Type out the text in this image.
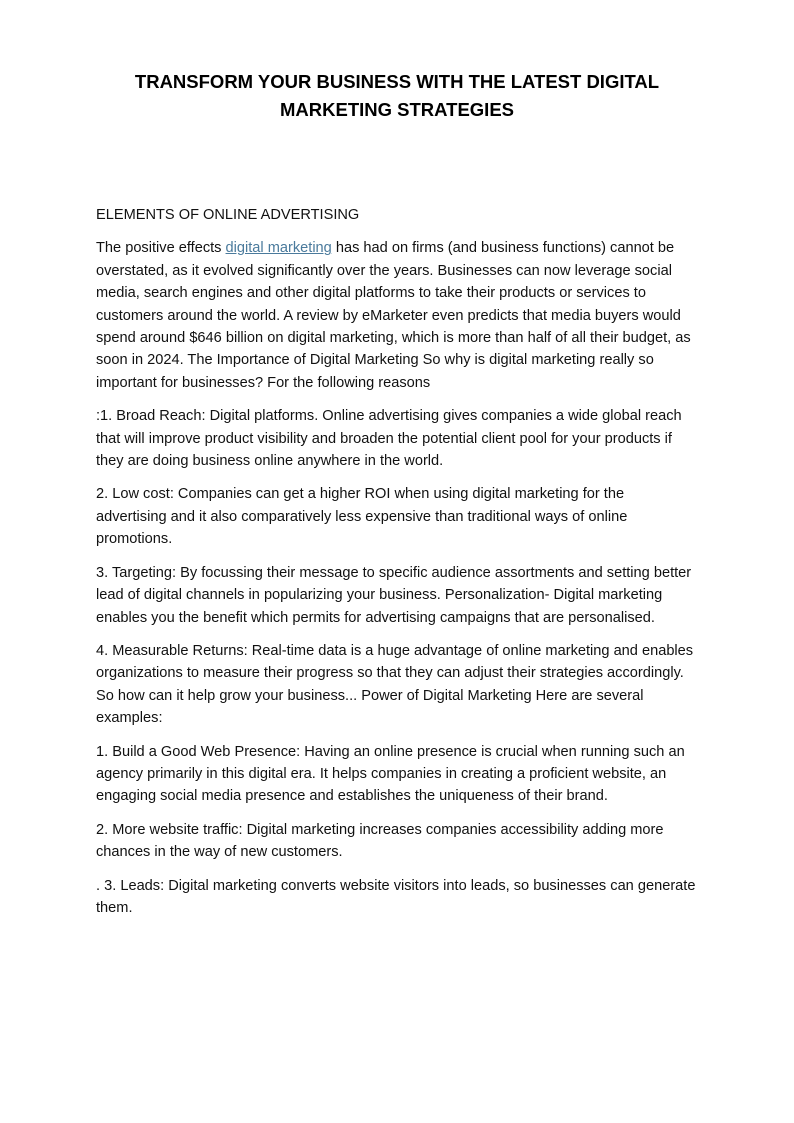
TRANSFORM YOUR BUSINESS WITH THE LATEST DIGITAL
MARKETING STRATEGIES

ELEMENTS OF ONLINE ADVERTISING

The positive effects digital marketing has had on firms (and business functions) cannot be overstated, as it evolved significantly over the years. Businesses can now leverage social media, search engines and other digital platforms to take their products or services to customers around the world. A review by eMarketer even predicts that media buyers would spend around $646 billion on digital marketing, which is more than half of all their budget, as soon in 2024. The Importance of Digital Marketing So why is digital marketing really so important for businesses? For the following reasons

:1. Broad Reach: Digital platforms. Online advertising gives companies a wide global reach that will improve product visibility and broaden the potential client pool for your products if they are doing business online anywhere in the world.

2. Low cost: Companies can get a higher ROI when using digital marketing for the advertising and it also comparatively less expensive than traditional ways of online promotions.

3. Targeting: By focussing their message to specific audience assortments and setting better lead of digital channels in popularizing your business. Personalization- Digital marketing enables you the benefit which permits for advertising campaigns that are personalised.

4. Measurable Returns: Real-time data is a huge advantage of online marketing and enables organizations to measure their progress so that they can adjust their strategies accordingly. So how can it help grow your business... Power of Digital Marketing Here are several examples:

1. Build a Good Web Presence: Having an online presence is crucial when running such an agency primarily in this digital era. It helps companies in creating a proficient website, an engaging social media presence and establishes the uniqueness of their brand.

2. More website traffic: Digital marketing increases companies accessibility adding more chances in the way of new customers.

. 3. Leads: Digital marketing converts website visitors into leads, so businesses can generate them.
